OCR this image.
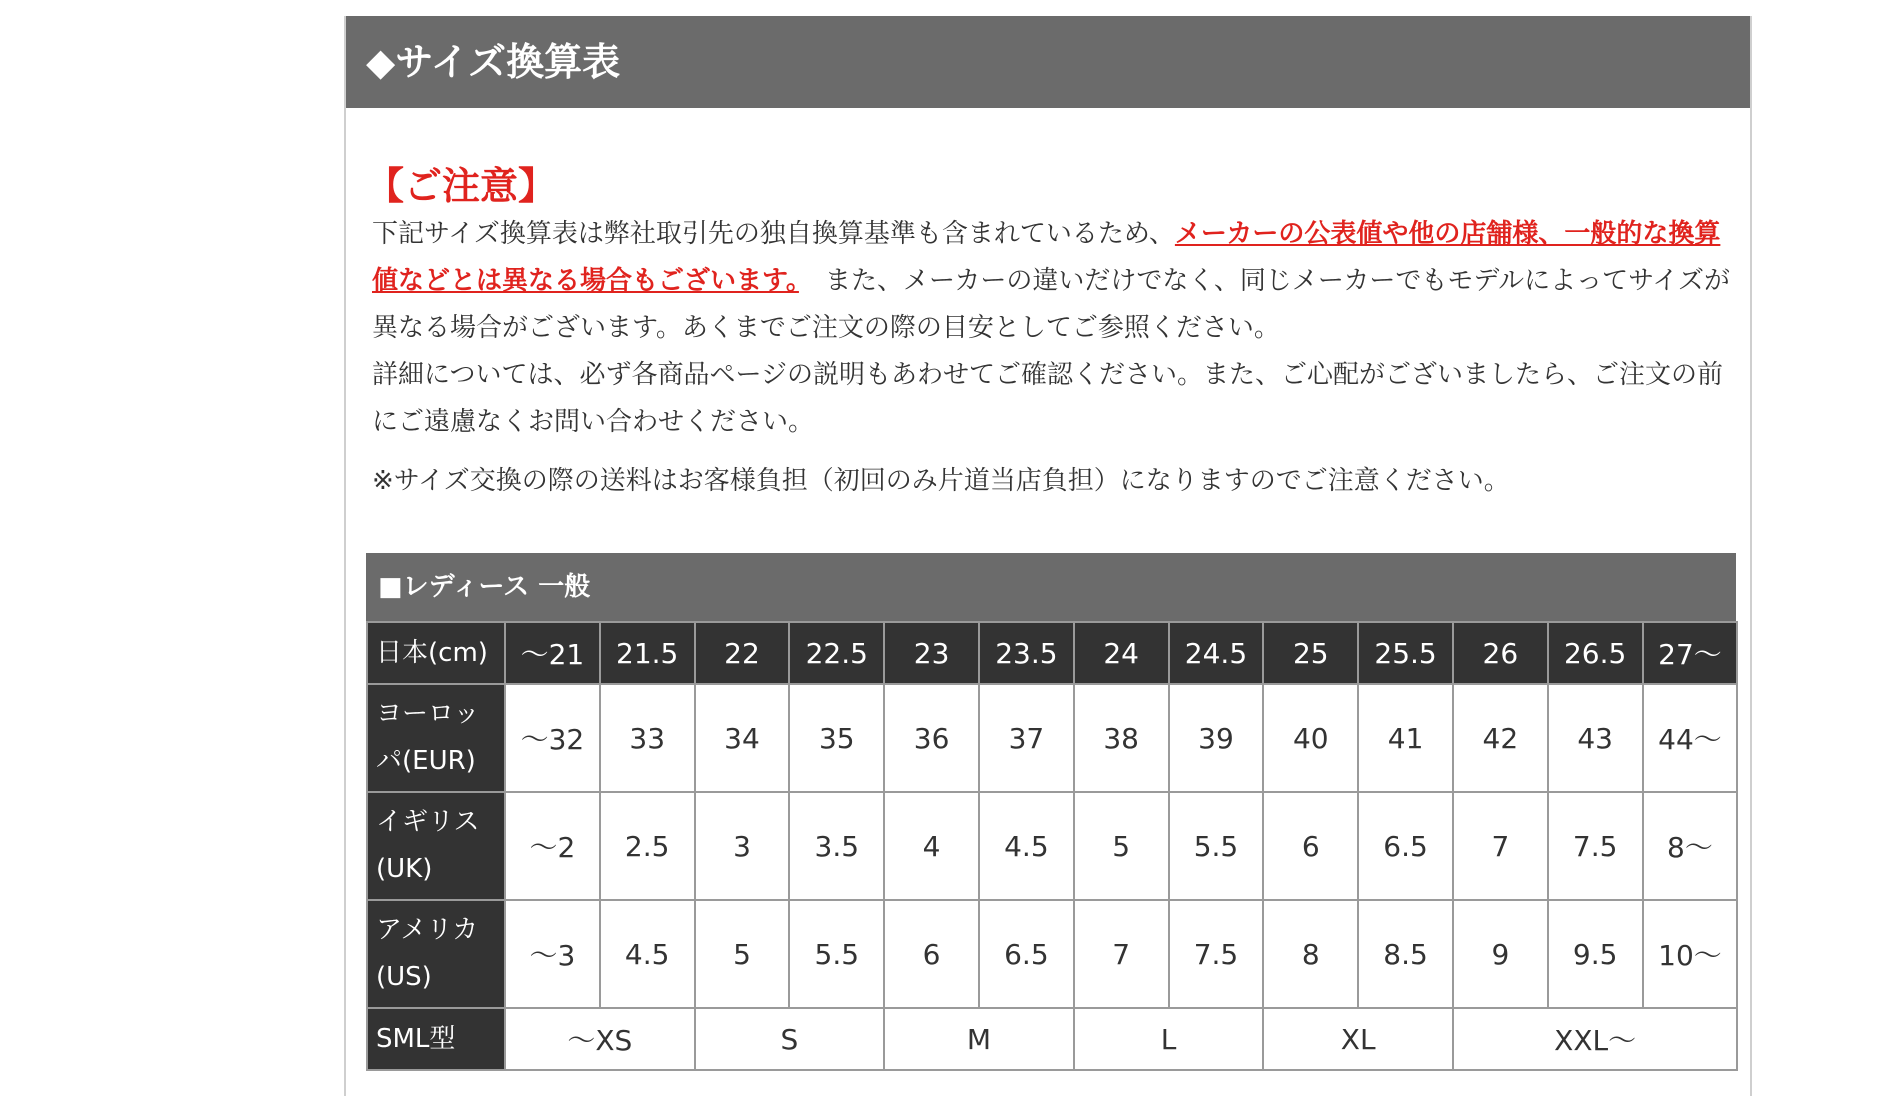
◆サイズ換算表
【ご注意】

下記サイズ換算表は弊社取引先の独自換算基準も含まれているため、メーカーの公表値や他の店舗様、一般的な換算値などとは異なる場合もございます。　 また、メーカーの違いだけでなく、同じメーカーでもモデルによってサイズが異なる場合がございます。あくまでご注文の際の目安としてご参照ください。

詳細については、必ず各商品ページの説明もあわせてご確認ください。また、ご心配がございましたら、ご注文の前にご遠慮なくお問い合わせください。

※サイズ交換の際の送料はお客様負担（初回のみ片道当店負担）になりますのでご注意ください。

■レディース 一般
日本(cm)	〜21	21.5	22	22.5	23	23.5	24	24.5	25	25.5	26	26.5	27〜
ヨーロッパ(EUR)	〜32	33	34	35	36	37	38	39	40	41	42	43	44〜
イギリス(UK)	〜2	2.5	3	3.5	4	4.5	5	5.5	6	6.5	7	7.5	8〜
アメリカ(US)	〜3	4.5	5	5.5	6	6.5	7	7.5	8	8.5	9	9.5	10〜
SML型	〜XS		S		M		L		XL		XXL〜		
